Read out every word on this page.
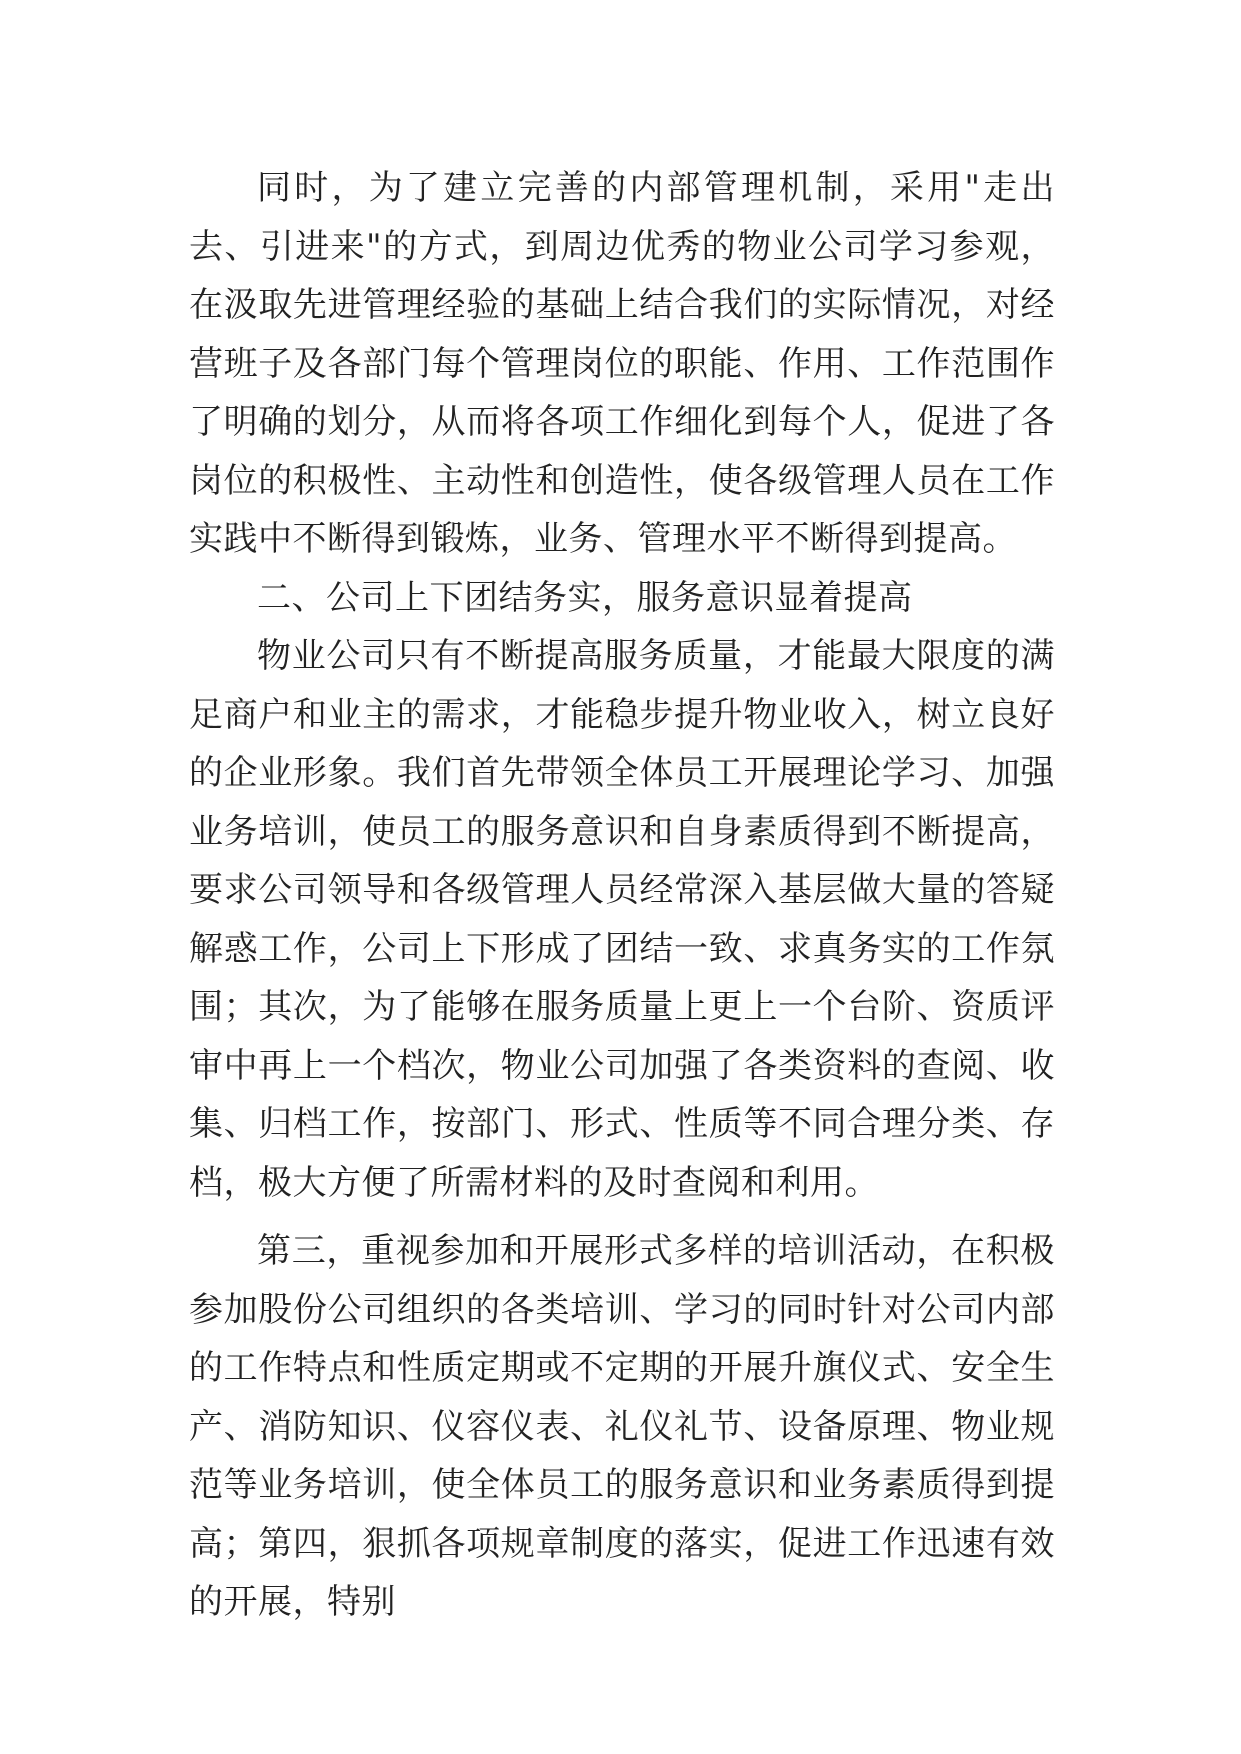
同时，为了建立完善的内部管理机制，采用"走出去、引进来"的方式，到周边优秀的物业公司学习参观，在汲取先进管理经验的基础上结合我们的实际情况，对经营班子及各部门每个管理岗位的职能、作用、工作范围作了明确的划分，从而将各项工作细化到每个人，促进了各岗位的积极性、主动性和创造性，使各级管理人员在工作实践中不断得到锻炼，业务、管理水平不断得到提高。

二、公司上下团结务实，服务意识显着提高

物业公司只有不断提高服务质量，才能最大限度的满足商户和业主的需求，才能稳步提升物业收入，树立良好的企业形象。我们首先带领全体员工开展理论学习、加强业务培训，使员工的服务意识和自身素质得到不断提高，要求公司领导和各级管理人员经常深入基层做大量的答疑解惑工作，公司上下形成了团结一致、求真务实的工作氛围；其次，为了能够在服务质量上更上一个台阶、资质评审中再上一个档次，物业公司加强了各类资料的查阅、收集、归档工作，按部门、形式、性质等不同合理分类、存档，极大方便了所需材料的及时查阅和利用。

第三，重视参加和开展形式多样的培训活动，在积极参加股份公司组织的各类培训、学习的同时针对公司内部的工作特点和性质定期或不定期的开展升旗仪式、安全生产、消防知识、仪容仪表、礼仪礼节、设备原理、物业规范等业务培训，使全体员工的服务意识和业务素质得到提高；第四，狠抓各项规章制度的落实，促进工作迅速有效的开展，特别
